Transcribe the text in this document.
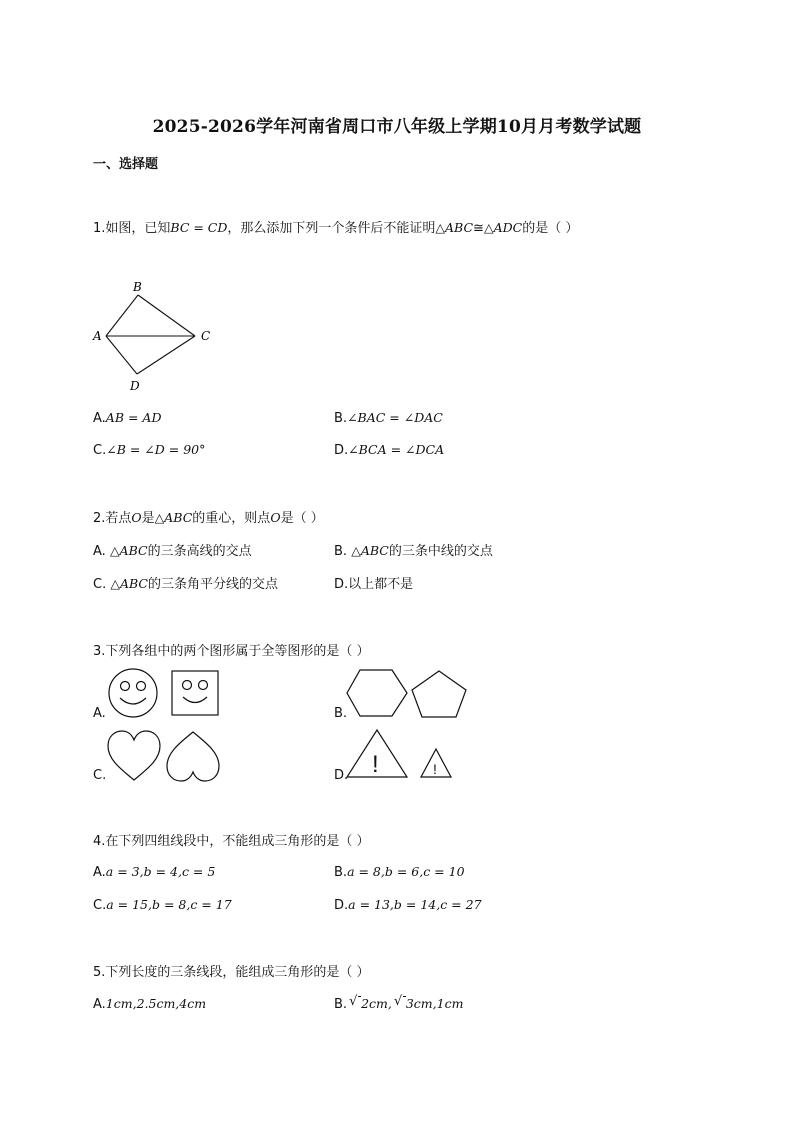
2025-2026学年河南省周口市八年级上学期10月月考数学试题
一、选择题
1.如图，已知BC = CD，那么添加下列一个条件后不能证明△ABC≅△ADC的是（ ）
B
A	C
D
A.AB = AD	B.∠BAC = ∠DAC
C.∠B = ∠D = 90°	D.∠BCA = ∠DCA
2.若点O是△ABC的重心，则点O是（ ）
A. △ABC的三条高线的交点	B. △ABC的三条中线的交点
C. △ABC的三条角平分线的交点	D.以上都不是
3.下列各组中的两个图形属于全等图形的是（ ）
A.	B.
C.	D. !	!
4.在下列四组线段中，不能组成三角形的是（ ）
A.a = 3,b = 4,c = 5	B.a = 8,b = 6,c = 10
C.a = 15,b = 8,c = 17	D.a = 13,b = 14,c = 27
5.下列长度的三条线段，能组成三角形的是（ ）
A.1cm,2.5cm,4cm	B. √ 2cm, √ 3cm,1cm
